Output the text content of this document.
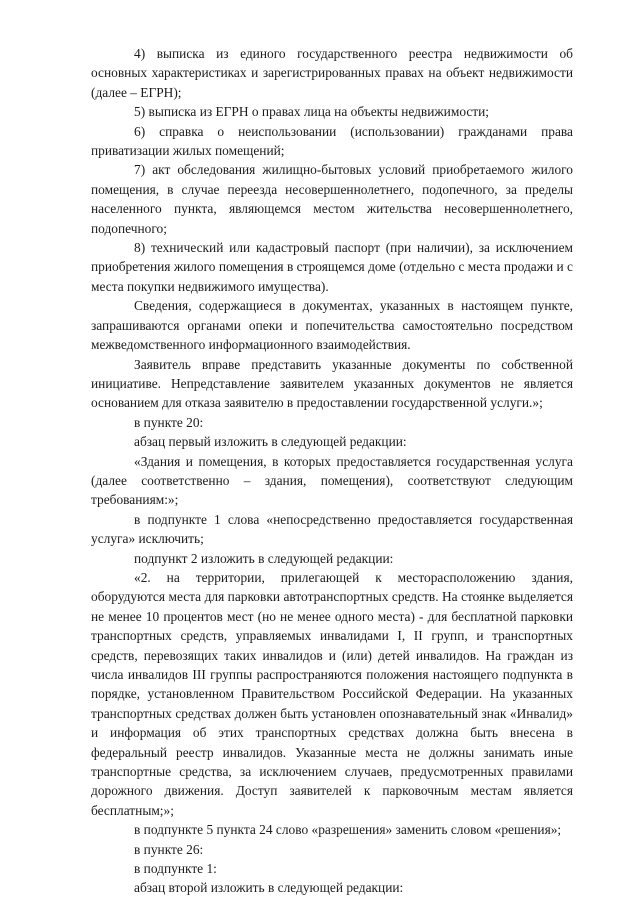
4) выписка из единого государственного реестра недвижимости об основных характеристиках и зарегистрированных правах на объект недвижимости (далее – ЕГРН);

5) выписка из ЕГРН о правах лица на объекты недвижимости;

6) справка о неиспользовании (использовании) гражданами права приватизации жилых помещений;

7) акт обследования жилищно-бытовых условий приобретаемого жилого помещения, в случае переезда несовершеннолетнего, подопечного, за пределы населенного пункта, являющемся местом жительства несовершеннолетнего, подопечного;

8) технический или кадастровый паспорт (при наличии), за исключением приобретения жилого помещения в строящемся доме (отдельно с места продажи и с места покупки недвижимого имущества).

Сведения, содержащиеся в документах, указанных в настоящем пункте, запрашиваются органами опеки и попечительства самостоятельно посредством межведомственного информационного взаимодействия.

Заявитель вправе представить указанные документы по собственной инициативе. Непредставление заявителем указанных документов не является основанием для отказа заявителю в предоставлении государственной услуги.»;

в пункте 20:

абзац первый изложить в следующей редакции:

«Здания и помещения, в которых предоставляется государственная услуга (далее соответственно – здания, помещения), соответствуют следующим требованиям:»;

в подпункте 1 слова «непосредственно предоставляется государственная услуга» исключить;

подпункт 2 изложить в следующей редакции:

«2. на территории, прилегающей к месторасположению здания, оборудуются места для парковки автотранспортных средств. На стоянке выделяется не менее 10 процентов мест (но не менее одного места) - для бесплатной парковки транспортных средств, управляемых инвалидами I, II групп, и транспортных средств, перевозящих таких инвалидов и (или) детей инвалидов. На граждан из числа инвалидов III группы распространяются положения настоящего подпункта в порядке, установленном Правительством Российской Федерации. На указанных транспортных средствах должен быть установлен опознавательный знак «Инвалид» и информация об этих транспортных средствах должна быть внесена в федеральный реестр инвалидов. Указанные места не должны занимать иные транспортные средства, за исключением случаев, предусмотренных правилами дорожного движения. Доступ заявителей к парковочным местам является бесплатным;»;

в подпункте 5 пункта 24 слово «разрешения» заменить словом «решения»;

в пункте 26:

в подпункте 1:

абзац второй изложить в следующей редакции:
